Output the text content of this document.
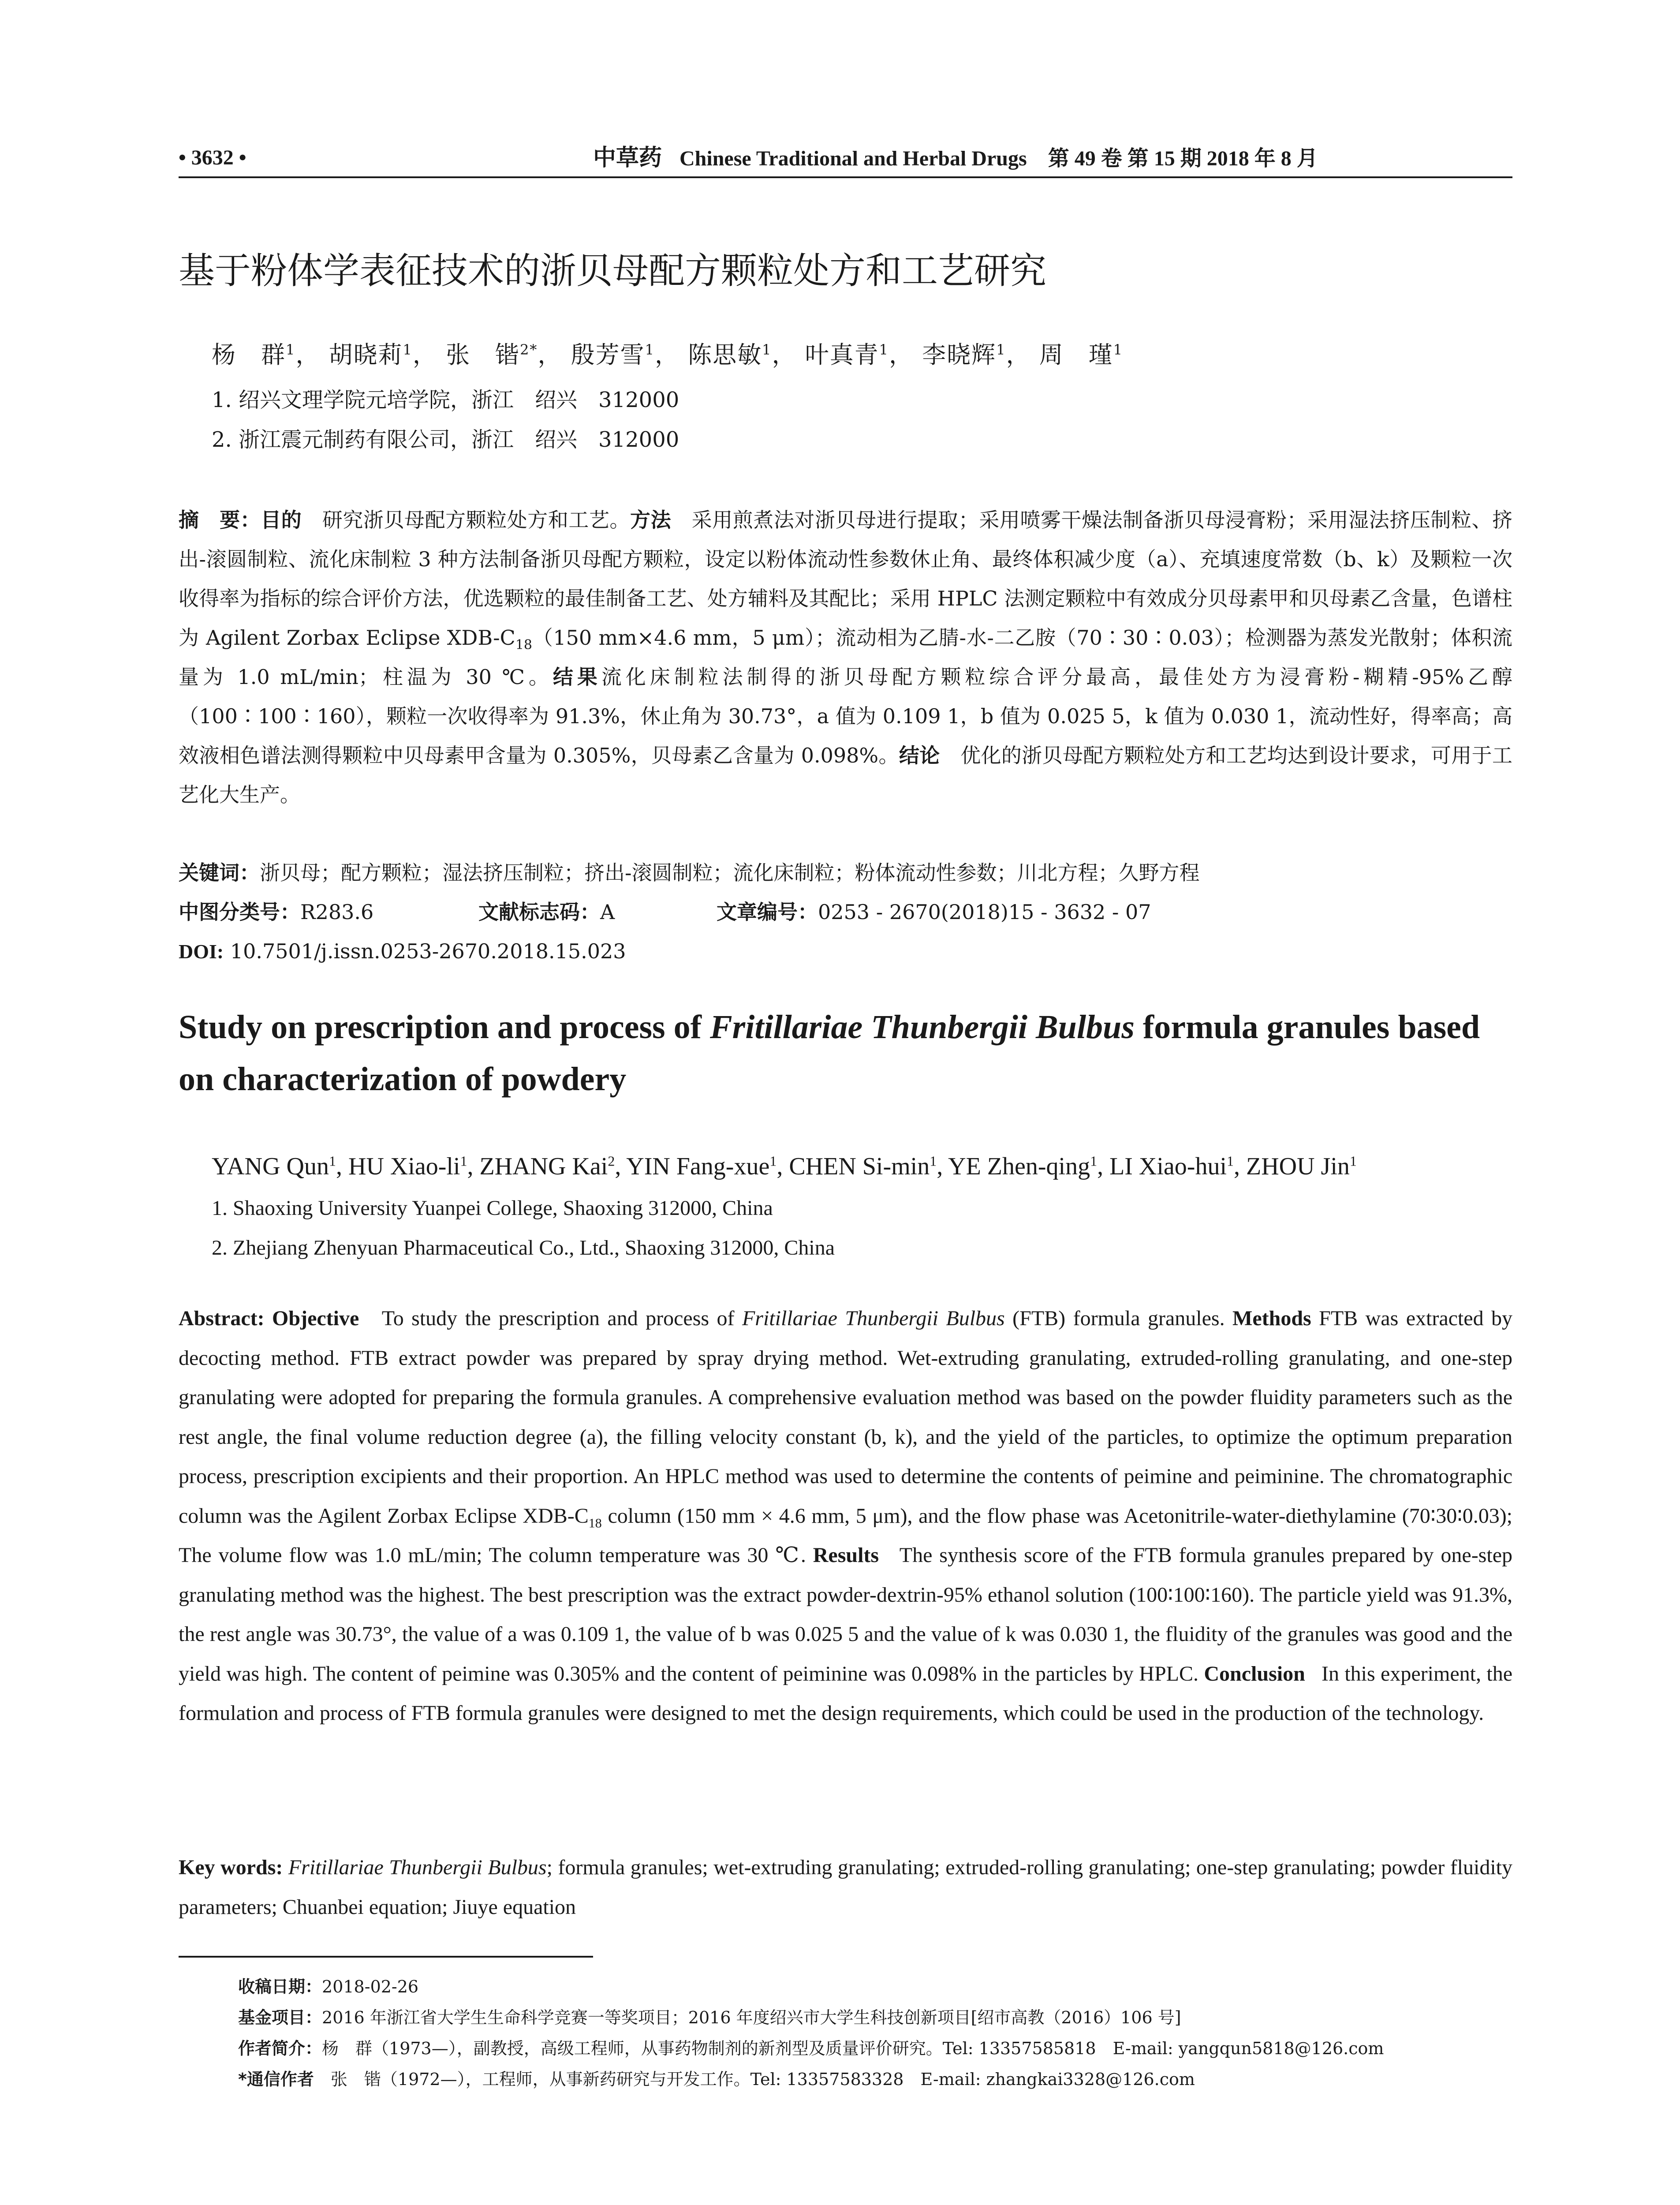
• 3632 •	中草药 Chinese Traditional and Herbal Drugs 第 49 卷 第 15 期 2018 年 8 月
基于粉体学表征技术的浙贝母配方颗粒处方和工艺研究
杨　群$^1$， 胡晓莉$^1$， 张　锴$^{2*}$， 殷芳雪$^1$， 陈思敏$^1$， 叶真青$^1$， 李晓辉$^1$， 周　瑾$^1$
1. 绍兴文理学院元培学院，浙江　绍兴　312000
2. 浙江震元制药有限公司，浙江　绍兴　312000
摘　要：目的　 研究浙贝母配方颗粒处方和工艺。方法　 采用煎煮法对浙贝母进行提取；采用喷雾干燥法制备浙贝母浸膏粉；采用湿法挤压制粒、挤出-滚圆制粒、流化床制粒 3 种方法制备浙贝母配方颗粒，设定以粉体流动性参数休止角、最终体积减少度（a）、充填速度常数（b、k）及颗粒一次收得率为指标的综合评价方法，优选颗粒的最佳制备工艺、处方辅料及其配比；采用 HPLC 法测定颗粒中有效成分贝母素甲和贝母素乙含量，色谱柱为 Agilent Zorbax Eclipse XDB-$C_{18}(150$ mm×4.6 mm，5 μm）；流动相为乙腈-水-二乙胺（70∶30∶0.03）；检测器为蒸发光散射；体积流量为 1.0 mL/min；柱温为 30 ℃。结果流化床制粒法制得的浙贝母配方颗粒综合评分最高，最佳处方为浸膏粉-糊精-95%乙醇（100∶100∶160），颗粒一次收得率为 91.3%，休止角为 30.73°，a 值为 0.109 1，b 值为 0.025 5，k 值为 0.030 1，流动性好，得率高；高效液相色谱法测得颗粒中贝母素甲含量为 0.305%，贝母素乙含量为 0.098%。结论　 优化的浙贝母配方颗粒处方和工艺均达到设计要求，可用于工艺化大生产。
关键词：浙贝母；配方颗粒；湿法挤压制粒；挤出-滚圆制粒；流化床制粒；粉体流动性参数；川北方程；久野方程
中图分类号：R283.6	文献标志码：A	文章编号：0253 - 2670(2018)15 - 3632 - 07
DOI: 10.7501/j.issn.0253-2670.2018.15.023
Study on prescription and process of Fritillariae Thunbergii Bulbus formula granules based on characterization of powdery
YANG Qun$^1$, HU Xiao-$li^1$, ZHANG Kai$^2$, YIN Fang-xue$^1$, CHEN $Si-\min^1$, YE Zhen-qing$^1$, LI Xiao-hui$^1$, ZHOU Jin$^1$
1. Shaoxing University Yuanpei College, Shaoxing 312000, China
2. Zhejiang Zhenyuan Pharmaceutical Co., Ltd., Shaoxing 312000, China
Abstract: Objective To study the prescription and process of Fritillariae Thunbergii Bulbus (FTB) formula granules. Methods FTB was extracted by decocting method. FTB extract powder was prepared by spray drying method. Wet-extruding granulating, extruded-rolling granulating, and one-step granulating were adopted for preparing the formula granules. A comprehensive evaluation method was based on the powder fluidity parameters such as the rest angle, the final volume reduction degree (a), the filling velocity constant (b, k), and the yield of the particles, to optimize the optimum preparation process, prescription excipients and their proportion. An HPLC method was used to determine the contents of peimine and peiminine. The chromatographic column was the Agilent Zorbax Eclipse XDB-$C_{18}$ column (150 mm × 4.6 mm, 5 μm), and the flow phase was Acetonitrile-water-diethylamine (70∶30∶0.03); The volume flow was 1.0 mL/min; The column temperature was 30 ℃. Results The synthesis score of the FTB formula granules prepared by one-step granulating method was the highest. The best prescription was the extract powder-dextrin-95% ethanol solution (100∶100∶160). The particle yield was 91.3%, the rest angle was 30.73°, the value of a was 0.109 1, the value of b was 0.025 5 and the value of k was 0.030 1, the fluidity of the granules was good and the yield was high. The content of peimine was 0.305% and the content of peiminine was 0.098% in the particles by HPLC. Conclusion In this experiment, the formulation and process of FTB formula granules were designed to met the design requirements, which could be used in the production of the technology.
Key words: Fritillariae Thunbergii Bulbus; formula granules; wet-extruding granulating; extruded-rolling granulating; one-step granulating; powder fluidity parameters; Chuanbei equation; Jiuye equation
收稿日期：2018-02-26
基金项目：2016 年浙江省大学生生命科学竞赛一等奖项目；2016 年度绍兴市大学生科技创新项目[绍市高教（2016）106 号]
作者简介：杨　群（1973—），副教授，高级工程师，从事药物制剂的新剂型及质量评价研究。Tel: 13357585818　E-mail: yangqun5818@126.com
*通信作者　 张　锴（1972—），工程师，从事新药研究与开发工作。Tel: 13357583328　E-mail: zhangkai3328@126.com
